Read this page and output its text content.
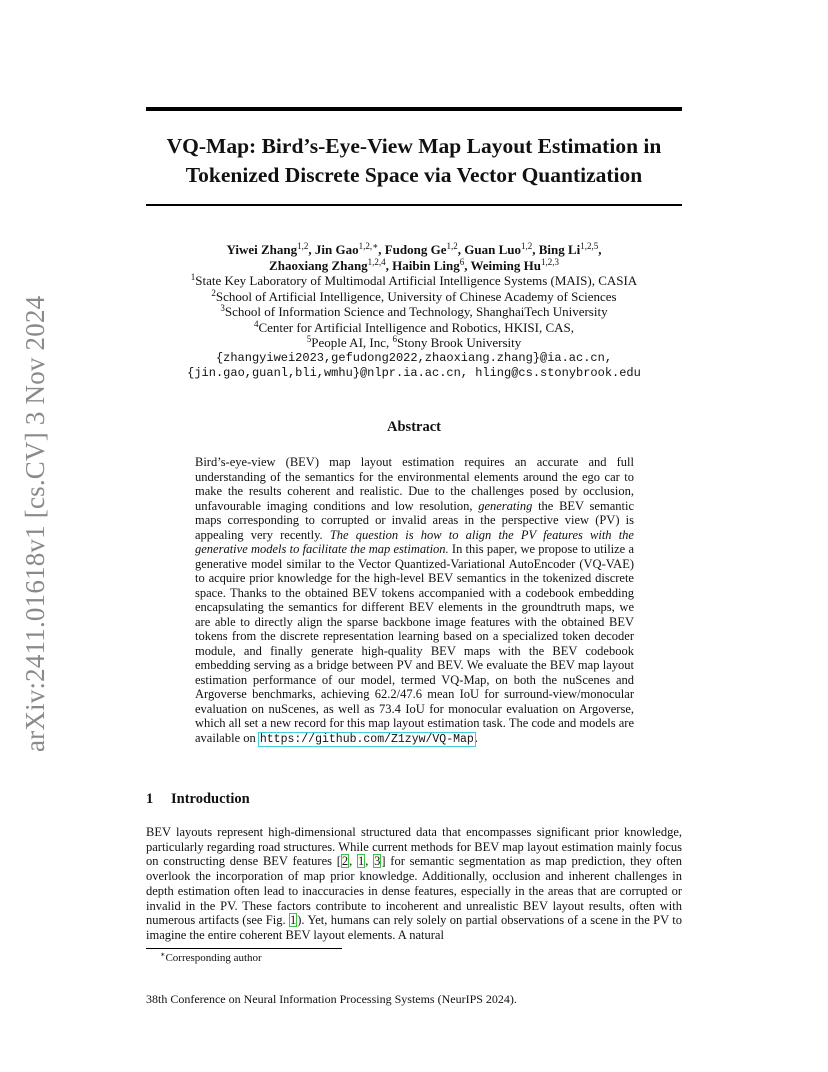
arXiv:2411.01618v1 [cs.CV] 3 Nov 2024
VQ-Map: Bird’s-Eye-View Map Layout Estimation in
Tokenized Discrete Space via Vector Quantization
Yiwei Zhang$^{1,2}$, Jin Gao$^{1,2,∗}$, Fudong Ge$^{1,2}$, Guan Luo$^{1,2}$, Bing Li$^{1,2,5}$,
Zhaoxiang Zhang$^{1,2,4}$, Haibin Ling$^6$, Weiming Hu$^{1,2,3}$
$^1$State Key Laboratory of Multimodal Artificial Intelligence Systems (MAIS), CASIA
$^2$School of Artificial Intelligence, University of Chinese Academy of Sciences
$^3$School of Information Science and Technology, ShanghaiTech University
$^4$Center for Artificial Intelligence and Robotics, HKISI, CAS,
$^5$People AI, Inc, $^6$Stony Brook University
{zhangyiwei2023,gefudong2022,zhaoxiang.zhang}@ia.ac.cn,
{jin.gao,guanl,bli,wmhu}@nlpr.ia.ac.cn, hling@cs.stonybrook.edu
Abstract
Bird’s-eye-view (BEV) map layout estimation requires an accurate and full understanding of the semantics for the environmental elements around the ego car to make the results coherent and realistic. Due to the challenges posed by occlusion, unfavourable imaging conditions and low resolution, generating the BEV semantic maps corresponding to corrupted or invalid areas in the perspective view (PV) is appealing very recently. The question is how to align the PV features with the generative models to facilitate the map estimation. In this paper, we propose to utilize a generative model similar to the Vector Quantized-Variational AutoEncoder (VQ-VAE) to acquire prior knowledge for the high-level BEV semantics in the tokenized discrete space. Thanks to the obtained BEV tokens accompanied with a codebook embedding encapsulating the semantics for different BEV elements in the groundtruth maps, we are able to directly align the sparse backbone image features with the obtained BEV tokens from the discrete representation learning based on a specialized token decoder module, and finally generate high-quality BEV maps with the BEV codebook embedding serving as a bridge between PV and BEV. We evaluate the BEV map layout estimation performance of our model, termed VQ-Map, on both the nuScenes and Argoverse benchmarks, achieving 62.2/47.6 mean IoU for surround-view/monocular evaluation on nuScenes, as well as 73.4 IoU for monocular evaluation on Argoverse, which all set a new record for this map layout estimation task. The code and models are available on https://github.com/Z1zyw/VQ-Map.
1 Introduction
BEV layouts represent high-dimensional structured data that encompasses significant prior knowledge, particularly regarding road structures. While current methods for BEV map layout estimation mainly focus on constructing dense BEV features [2, 1, 3] for semantic segmentation as map prediction, they often overlook the incorporation of map prior knowledge. Additionally, occlusion and inherent challenges in depth estimation often lead to inaccuracies in dense features, especially in the areas that are corrupted or invalid in the PV. These factors contribute to incoherent and unrealistic BEV layout results, often with numerous artifacts (see Fig. 1). Yet, humans can rely solely on partial observations of a scene in the PV to imagine the entire coherent BEV layout elements. A natural
∗Corresponding author
38th Conference on Neural Information Processing Systems (NeurIPS 2024).
